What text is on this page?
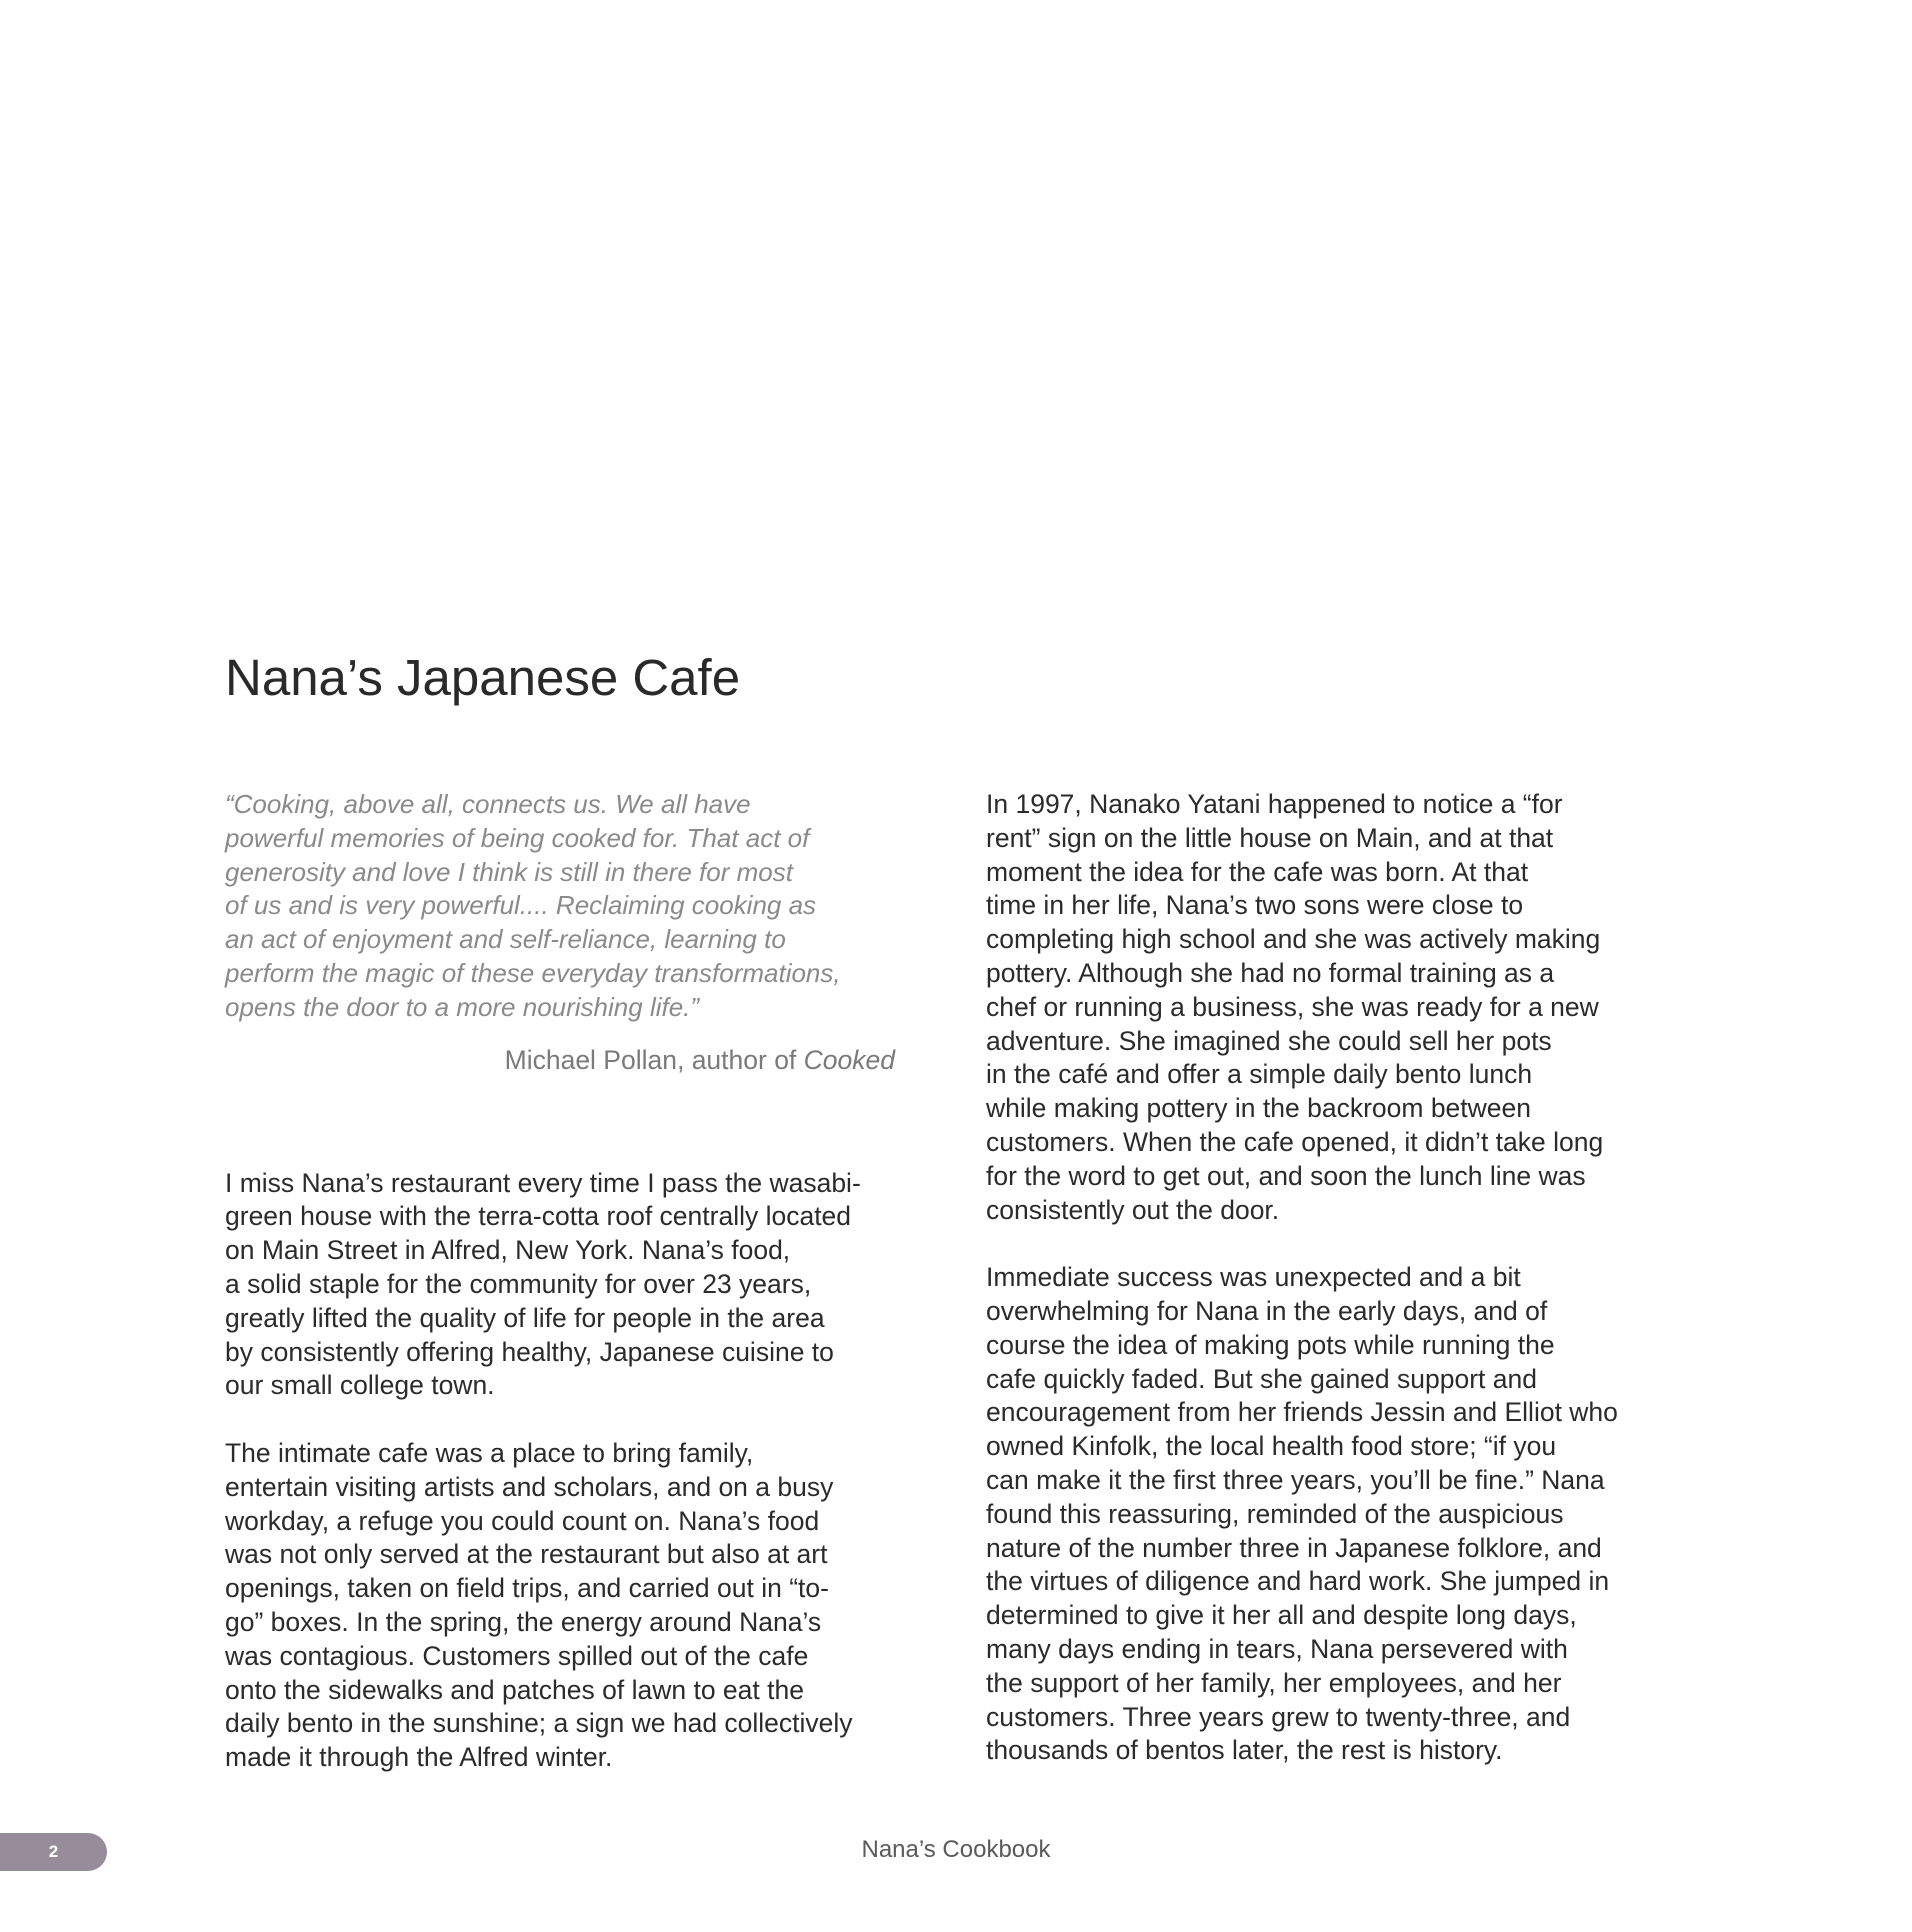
Nana’s Japanese Cafe

“Cooking, above all, connects us. We all have
powerful memories of being cooked for. That act of
generosity and love I think is still in there for most
of us and is very powerful.... Reclaiming cooking as
an act of enjoyment and self-reliance, learning to
perform the magic of these everyday transformations,
opens the door to a more nourishing life.”

Michael Pollan, author of Cooked

I miss Nana’s restaurant every time I pass the wasabi-
green house with the terra-cotta roof centrally located
on Main Street in Alfred, New York. Nana’s food,
a solid staple for the community for over 23 years,
greatly lifted the quality of life for people in the area
by consistently offering healthy, Japanese cuisine to
our small college town.

The intimate cafe was a place to bring family,
entertain visiting artists and scholars, and on a busy
workday, a refuge you could count on. Nana’s food
was not only served at the restaurant but also at art
openings, taken on field trips, and carried out in “to-
go” boxes. In the spring, the energy around Nana’s
was contagious. Customers spilled out of the cafe
onto the sidewalks and patches of lawn to eat the
daily bento in the sunshine; a sign we had collectively
made it through the Alfred winter.

In 1997, Nanako Yatani happened to notice a “for
rent” sign on the little house on Main, and at that
moment the idea for the cafe was born. At that
time in her life, Nana’s two sons were close to
completing high school and she was actively making
pottery. Although she had no formal training as a
chef or running a business, she was ready for a new
adventure. She imagined she could sell her pots
in the café and offer a simple daily bento lunch
while making pottery in the backroom between
customers. When the cafe opened, it didn’t take long
for the word to get out, and soon the lunch line was
consistently out the door.

Immediate success was unexpected and a bit
overwhelming for Nana in the early days, and of
course the idea of making pots while running the
cafe quickly faded. But she gained support and
encouragement from her friends Jessin and Elliot who
owned Kinfolk, the local health food store; “if you
can make it the first three years, you’ll be fine.” Nana
found this reassuring, reminded of the auspicious
nature of the number three in Japanese folklore, and
the virtues of diligence and hard work. She jumped in
determined to give it her all and despite long days,
many days ending in tears, Nana persevered with
the support of her family, her employees, and her
customers. Three years grew to twenty-three, and
thousands of bentos later, the rest is history.

2	Nana’s Cookbook
